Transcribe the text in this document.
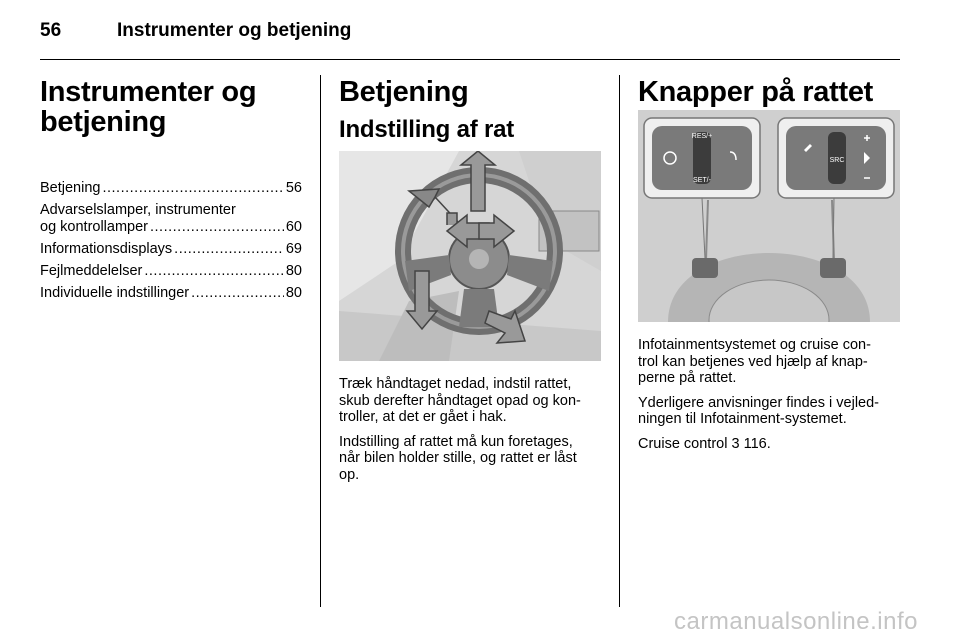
56	Instrumenter og betjening
Instrumenter og
betjening
Betjening .....	56
Advarselslamper, instrumenter
og kontrollamper .....	60
Informationsdisplays .....	69
Fejlmeddelelser .....	80
Individuelle indstillinger .....	80
Betjening
Indstilling af rat

Træk håndtaget nedad, indstil rattet,
skub derefter håndtaget opad og kon-
troller, at det er gået i hak.

Indstilling af rattet må kun foretages,
når bilen holder stille, og rattet er låst
op.

Knapper på rattet
RES/+
SET/-
SRC

Infotainmentsystemet og cruise con-
trol kan betjenes ved hjælp af knap-
perne på rattet.

Yderligere anvisninger findes i vejled-
ningen til Infotainment-systemet.

Cruise control 3 116.

carmanualsonline.info
